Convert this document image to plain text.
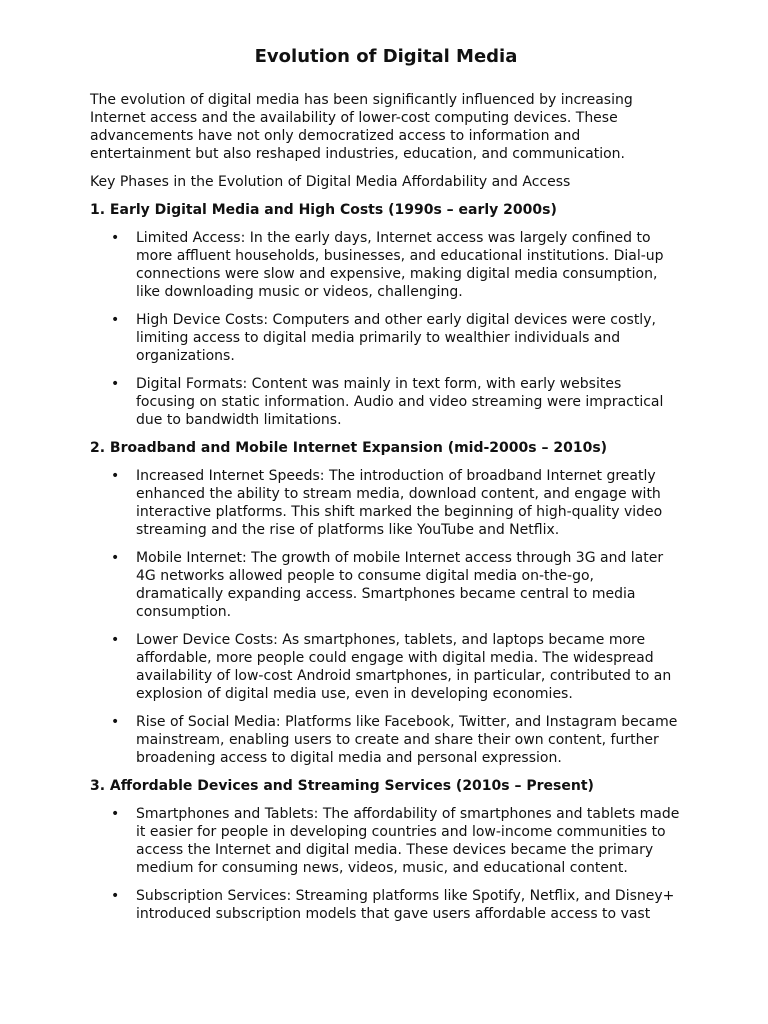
Evolution of Digital Media

The evolution of digital media has been significantly influenced by increasing Internet access and the availability of lower-cost computing devices. These advancements have not only democratized access to information and entertainment but also reshaped industries, education, and communication.

Key Phases in the Evolution of Digital Media Affordability and Access

1. Early Digital Media and High Costs (1990s – early 2000s)
• Limited Access: In the early days, Internet access was largely confined to more affluent households, businesses, and educational institutions. Dial-up connections were slow and expensive, making digital media consumption, like downloading music or videos, challenging.
• High Device Costs: Computers and other early digital devices were costly, limiting access to digital media primarily to wealthier individuals and organizations.
• Digital Formats: Content was mainly in text form, with early websites focusing on static information. Audio and video streaming were impractical due to bandwidth limitations.
2. Broadband and Mobile Internet Expansion (mid-2000s – 2010s)
• Increased Internet Speeds: The introduction of broadband Internet greatly enhanced the ability to stream media, download content, and engage with interactive platforms. This shift marked the beginning of high-quality video streaming and the rise of platforms like YouTube and Netflix.
• Mobile Internet: The growth of mobile Internet access through 3G and later 4G networks allowed people to consume digital media on-the-go, dramatically expanding access. Smartphones became central to media consumption.
• Lower Device Costs: As smartphones, tablets, and laptops became more affordable, more people could engage with digital media. The widespread availability of low-cost Android smartphones, in particular, contributed to an explosion of digital media use, even in developing economies.
• Rise of Social Media: Platforms like Facebook, Twitter, and Instagram became mainstream, enabling users to create and share their own content, further broadening access to digital media and personal expression.
3. Affordable Devices and Streaming Services (2010s – Present)
• Smartphones and Tablets: The affordability of smartphones and tablets made it easier for people in developing countries and low-income communities to access the Internet and digital media. These devices became the primary medium for consuming news, videos, music, and educational content.
• Subscription Services: Streaming platforms like Spotify, Netflix, and Disney+ introduced subscription models that gave users affordable access to vast
